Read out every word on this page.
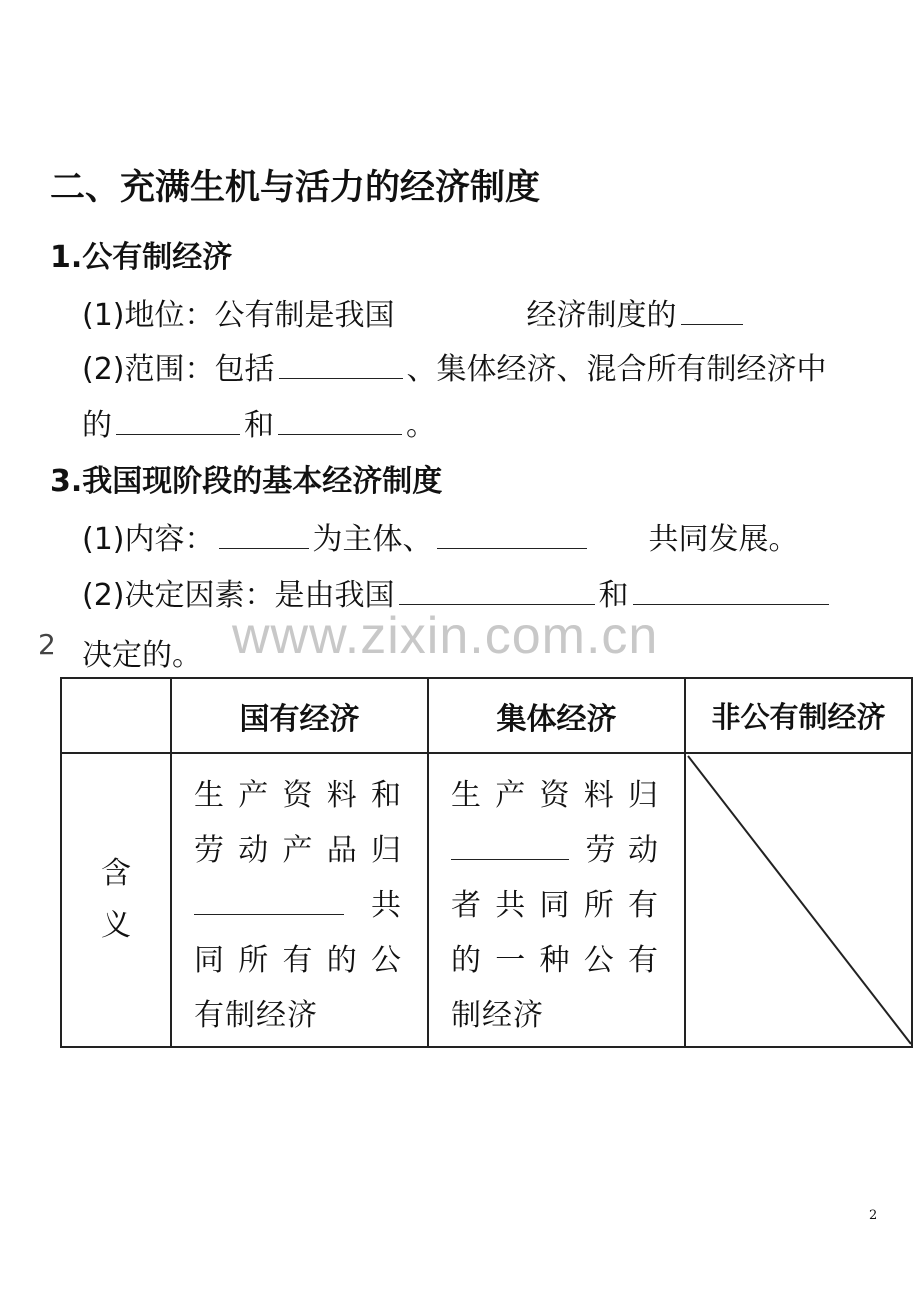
二、充满生机与活力的经济制度
1.公有制经济
(1)地位：公有制是我国	经济制度的
(2)范围：包括	、集体经济、混合所有制经济中
的	和	。
3.我国现阶段的基本经济制度
(1)内容：	为主体、	共同发展。
(2)决定因素：是由我国	和
www.zixin.com.cn
2 决定的。
	国有经济	集体经济	非公有制经济
含义	生产资料和
劳动产品归
共
同所有的公
有制经济	生产资料归
劳动
者共同所有
的一种公有
制经济

2
